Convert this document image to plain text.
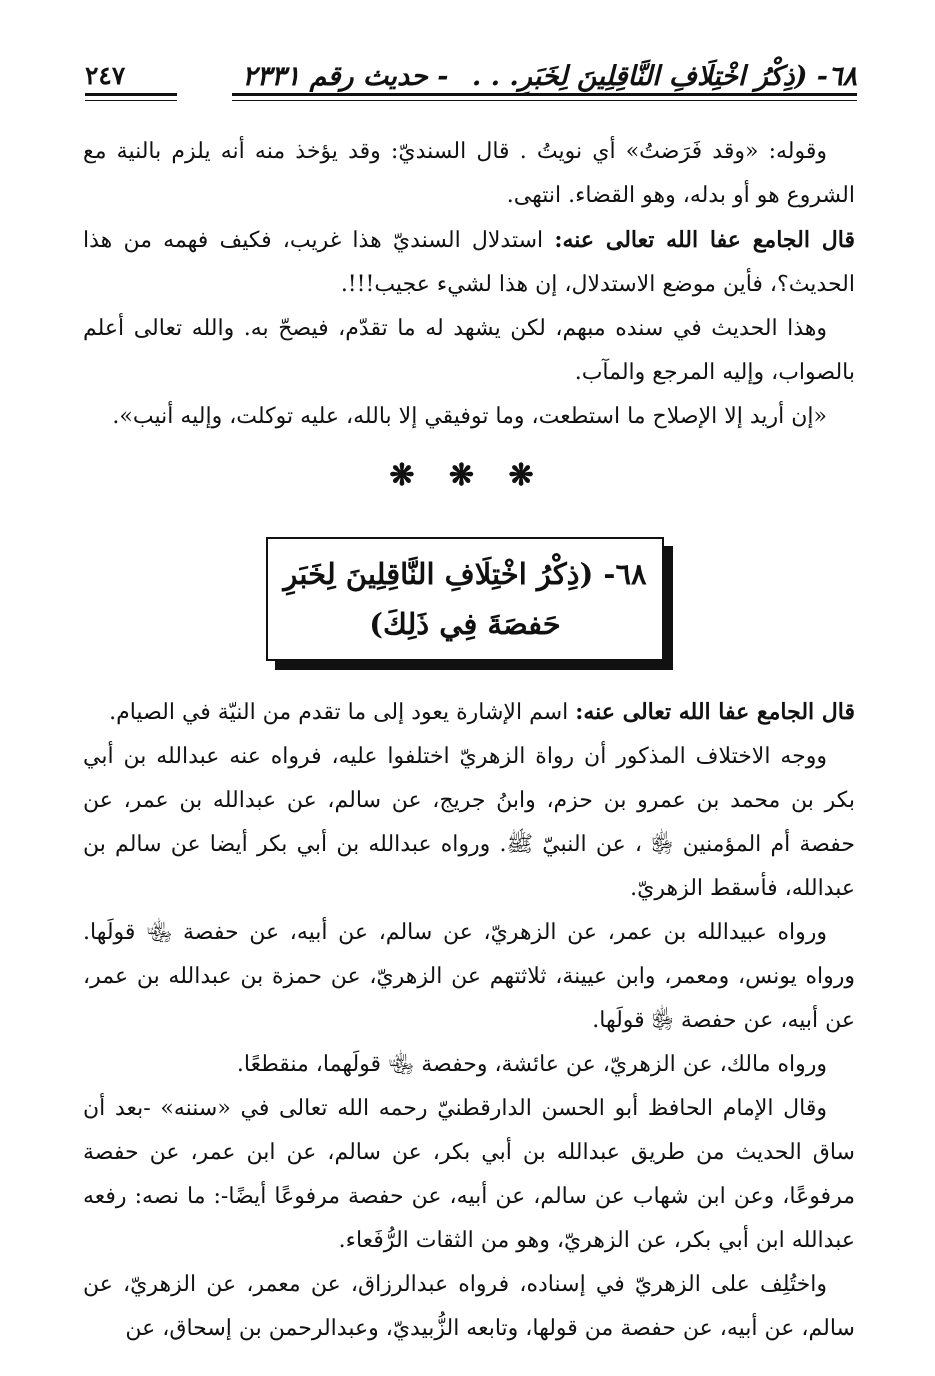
٦٨- (ذِكْرُ اخْتِلَافِ النَّاقِلِينَ لِخَبَرِ. . . - حديث رقم ٢٣٣١
٢٤٧

وقوله: «وقد فَرَضتُ» أي نويتُ . قال السنديّ: وقد يؤخذ منه أنه يلزم بالنية مع الشروع هو أو بدله، وهو القضاء. انتهى.

قال الجامع عفا الله تعالى عنه: استدلال السنديّ هذا غريب، فكيف فهمه من هذا الحديث؟، فأين موضع الاستدلال، إن هذا لشيء عجيب!!!.

وهذا الحديث في سنده مبهم، لكن يشهد له ما تقدّم، فيصحّ به. والله تعالى أعلم بالصواب، وإليه المرجع والمآب.

«إن أريد إلا الإصلاح ما استطعت، وما توفيقي إلا بالله، عليه توكلت، وإليه أنيب».

❋ ❋ ❋
٦٨- (ذِكْرُ اخْتِلَافِ النَّاقِلِينَ لِخَبَرِ
حَفصَةَ فِي ذَلِكَ)

قال الجامع عفا الله تعالى عنه: اسم الإشارة يعود إلى ما تقدم من النيّة في الصيام.

ووجه الاختلاف المذكور أن رواة الزهريّ اختلفوا عليه، فرواه عنه عبدالله بن أبي بكر بن محمد بن عمرو بن حزم، وابنُ جريج، عن سالم، عن عبدالله بن عمر، عن حفصة أم المؤمنين ﵂ ، عن النبيّ ﷺ. ورواه عبدالله بن أبي بكر أيضا عن سالم بن عبدالله، فأسقط الزهريّ.

ورواه عبيدالله بن عمر، عن الزهريّ، عن سالم، عن أبيه، عن حفصة ﵄ قولَها. ورواه يونس، ومعمر، وابن عيينة، ثلاثتهم عن الزهريّ، عن حمزة بن عبدالله بن عمر، عن أبيه، عن حفصة ﵂ قولَها.

ورواه مالك، عن الزهريّ، عن عائشة، وحفصة ﵄ قولَهما، منقطعًا.

وقال الإمام الحافظ أبو الحسن الدارقطنيّ رحمه الله تعالى في «سننه» -بعد أن ساق الحديث من طريق عبدالله بن أبي بكر، عن سالم، عن ابن عمر، عن حفصة مرفوعًا، وعن ابن شهاب عن سالم، عن أبيه، عن حفصة مرفوعًا أيضًا-: ما نصه: رفعه عبدالله ابن أبي بكر، عن الزهريّ، وهو من الثقات الرُّفَعاء.

واختُلِف على الزهريّ في إسناده، فرواه عبدالرزاق، عن معمر، عن الزهريّ، عن سالم، عن أبيه، عن حفصة من قولها، وتابعه الزُّبيديّ، وعبدالرحمن بن إسحاق، عن
